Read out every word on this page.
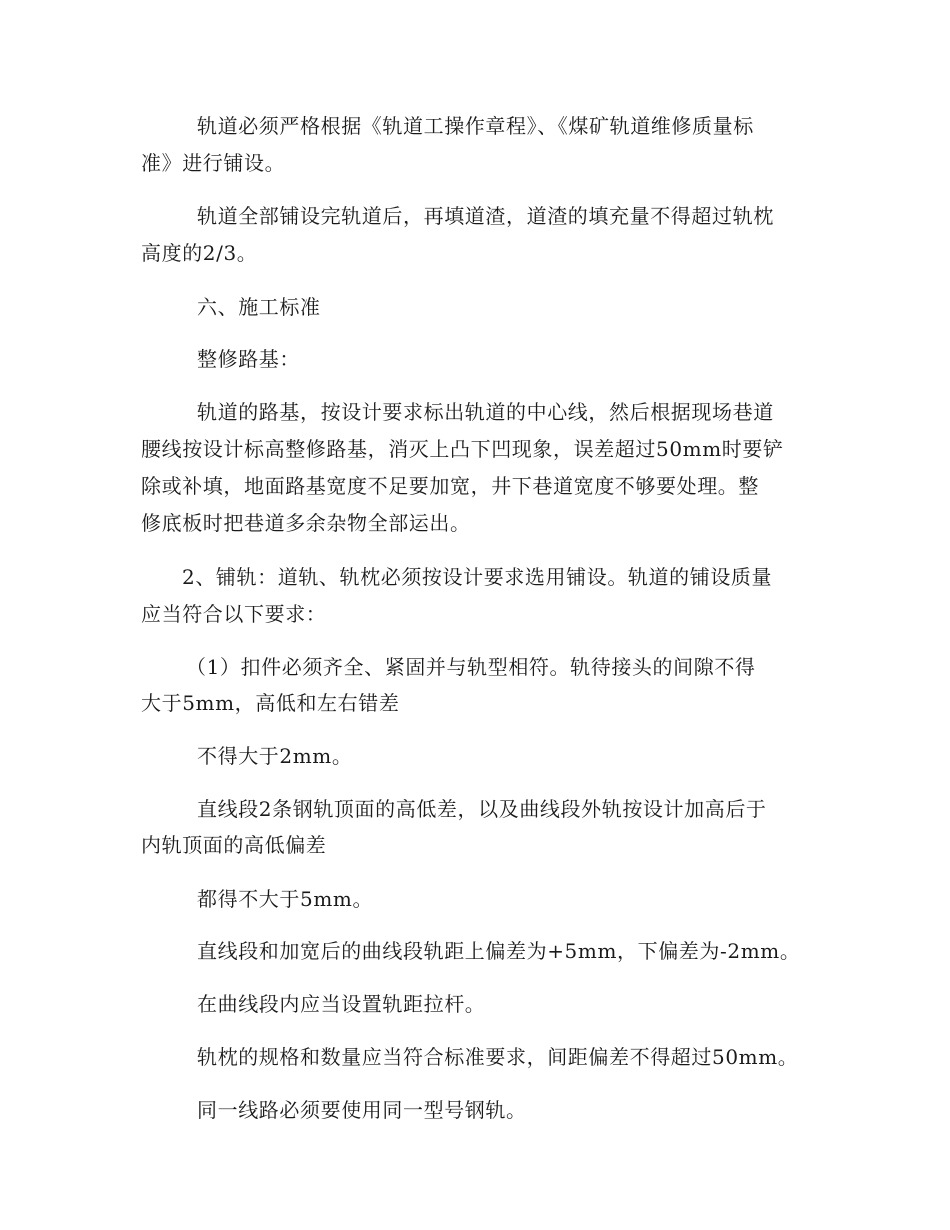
轨道必须严格根据《轨道工操作章程》、《煤矿轨道维修质量标
准》进行铺设。
轨道全部铺设完轨道后，再填道渣，道渣的填充量不得超过轨枕
高度的2/3。
六、施工标准
整修路基：
轨道的路基，按设计要求标出轨道的中心线，然后根据现场巷道
腰线按设计标高整修路基，消灭上凸下凹现象，误差超过50mm时要铲
除或补填，地面路基宽度不足要加宽，井下巷道宽度不够要处理。整
修底板时把巷道多余杂物全部运出。
2、铺轨：道轨、轨枕必须按设计要求选用铺设。轨道的铺设质量
应当符合以下要求：
（1）扣件必须齐全、紧固并与轨型相符。轨待接头的间隙不得
大于5mm，高低和左右错差
不得大于2mm。
直线段2条钢轨顶面的高低差，以及曲线段外轨按设计加高后于
内轨顶面的高低偏差
都得不大于5mm。
直线段和加宽后的曲线段轨距上偏差为+5mm，下偏差为-2mm。
在曲线段内应当设置轨距拉杆。
轨枕的规格和数量应当符合标准要求，间距偏差不得超过50mm。
同一线路必须要使用同一型号钢轨。
